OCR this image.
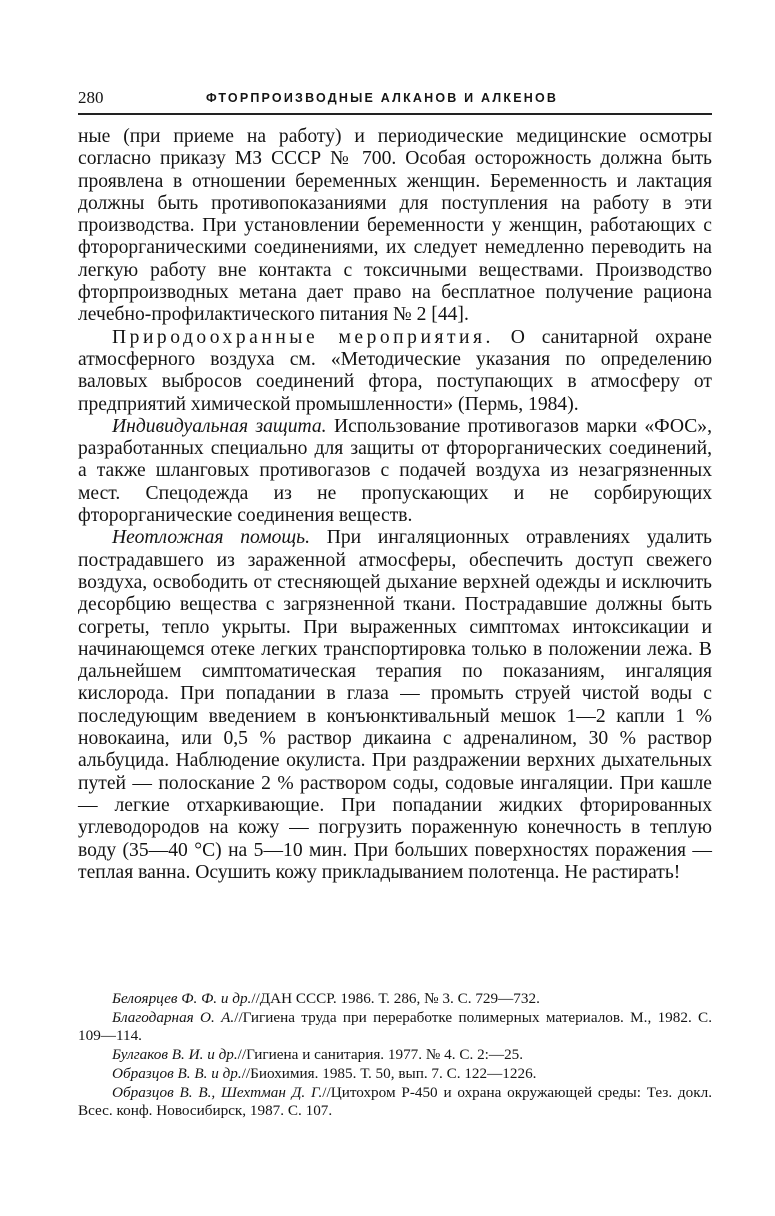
280	ФТОРПРОИЗВОДНЫЕ АЛКАНОВ И АЛКЕНОВ

ные (при приеме на работу) и периодические медицинские осмотры согласно приказу МЗ СССР № 700. Особая осторожность должна быть проявлена в отношении беременных женщин. Беременность и лактация должны быть противопоказаниями для поступления на работу в эти производства. При установлении беременности у женщин, работающих с фторорганическими соединениями, их следует немедленно переводить на легкую работу вне контакта с токсичными веществами. Производство фторпроизводных метана дает право на бесплатное получение рациона лечебно-профилактического питания № 2 [44].

Природоохранные мероприятия. О санитарной охране атмосферного воздуха см. «Методические указания по определению валовых выбросов соединений фтора, поступающих в атмосферу от предприятий химической промышленности» (Пермь, 1984).

Индивидуальная защита. Использование противогазов марки «ФОС», разработанных специально для защиты от фторорганических соединений, а также шланговых противогазов с подачей воздуха из незагрязненных мест. Спецодежда из не пропускающих и не сорбирующих фторорганические соединения веществ.

Неотложная помощь. При ингаляционных отравлениях удалить пострадавшего из зараженной атмосферы, обеспечить доступ свежего воздуха, освободить от стесняющей дыхание верхней одежды и исключить десорбцию вещества с загрязненной ткани. Пострадавшие должны быть согреты, тепло укрыты. При выраженных симптомах интоксикации и начинающемся отеке легких транспортировка только в положении лежа. В дальнейшем симптоматическая терапия по показаниям, ингаляция кислорода. При попадании в глаза — промыть струей чистой воды с последующим введением в конъюнктивальный мешок 1—2 капли 1 % новокаина, или 0,5 % раствор дикаина с адреналином, 30 % раствор альбуцида. Наблюдение окулиста. При раздражении верхних дыхательных путей — полоскание 2 % раствором соды, содовые ингаляции. При кашле — легкие отхаркивающие. При попадании жидких фторированных углеводородов на кожу — погрузить пораженную конечность в теплую воду (35—40 °С) на 5—10 мин. При больших поверхностях поражения — теплая ванна. Осушить кожу прикладыванием полотенца. Не растирать!

Белоярцев Ф. Ф. и др.//ДАН СССР. 1986. Т. 286, № 3. С. 729—732.

Благодарная О. А.//Гигиена труда при переработке полимерных материалов. М., 1982. С. 109—114.

Булгаков В. И. и др.//Гигиена и санитария. 1977. № 4. С. 2‍:—25.

Образцов В. В. и др.//Биохимия. 1985. Т. 50, вып. 7. С. 122‍—1226.

Образцов В. В., Шехтман Д. Г.//Цитохром Р-450 и охрана окружающей среды: Тез. докл. Всес. конф. Новосибирск, 1987. С. 107.
